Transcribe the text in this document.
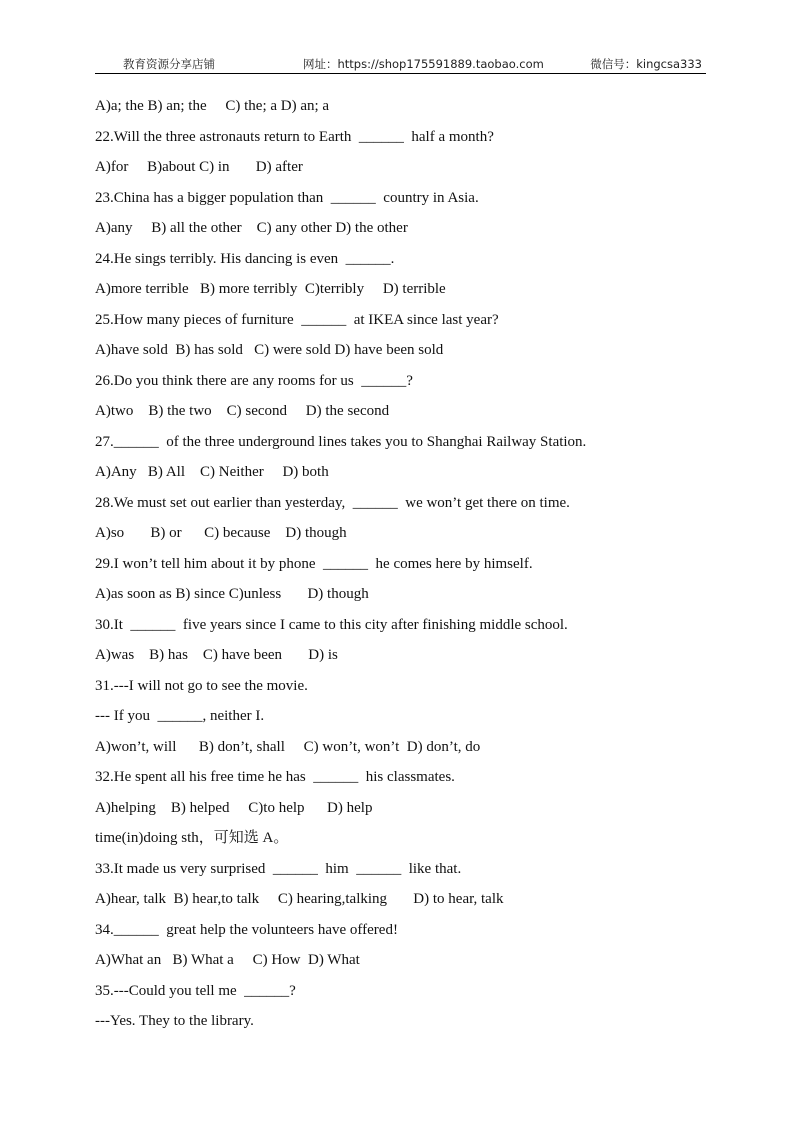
教育资源分享店铺	网址：https://shop175591889.taobao.com	微信号：kingcsa333
A)a; the B) an; the     C) the; a D) an; a
22.Will the three astronauts return to Earth  ______  half a month?
A)for     B)about C) in       D) after
23.China has a bigger population than  ______  country in Asia.
A)any     B) all the other    C) any other D) the other
24.He sings terribly. His dancing is even  ______.
A)more terrible   B) more terribly  C)terribly     D) terrible
25.How many pieces of furniture  ______  at IKEA since last year?
A)have sold  B) has sold   C) were sold D) have been sold
26.Do you think there are any rooms for us  ______?
A)two    B) the two    C) second     D) the second
27.______  of the three underground lines takes you to Shanghai Railway Station.
A)Any   B) All    C) Neither     D) both
28.We must set out earlier than yesterday,  ______  we won’t get there on time.
A)so       B) or      C) because    D) though
29.I won’t tell him about it by phone  ______  he comes here by himself.
A)as soon as B) since C)unless       D) though
30.It  ______  five years since I came to this city after finishing middle school.
A)was    B) has    C) have been       D) is
31.---I will not go to see the movie.
--- If you  ______, neither I.
A)won’t, will      B) don’t, shall     C) won’t, won’t  D) don’t, do
32.He spent all his free time he has  ______  his classmates.
A)helping    B) helped     C)to help      D) help
time(in)doing sth，可知选 A。
33.It made us very surprised  ______  him  ______  like that.
A)hear, talk  B) hear,to talk     C) hearing,talking       D) to hear, talk
34.______  great help the volunteers have offered!
A)What an   B) What a     C) How  D) What
35.---Could you tell me  ______?
---Yes. They to the library.
